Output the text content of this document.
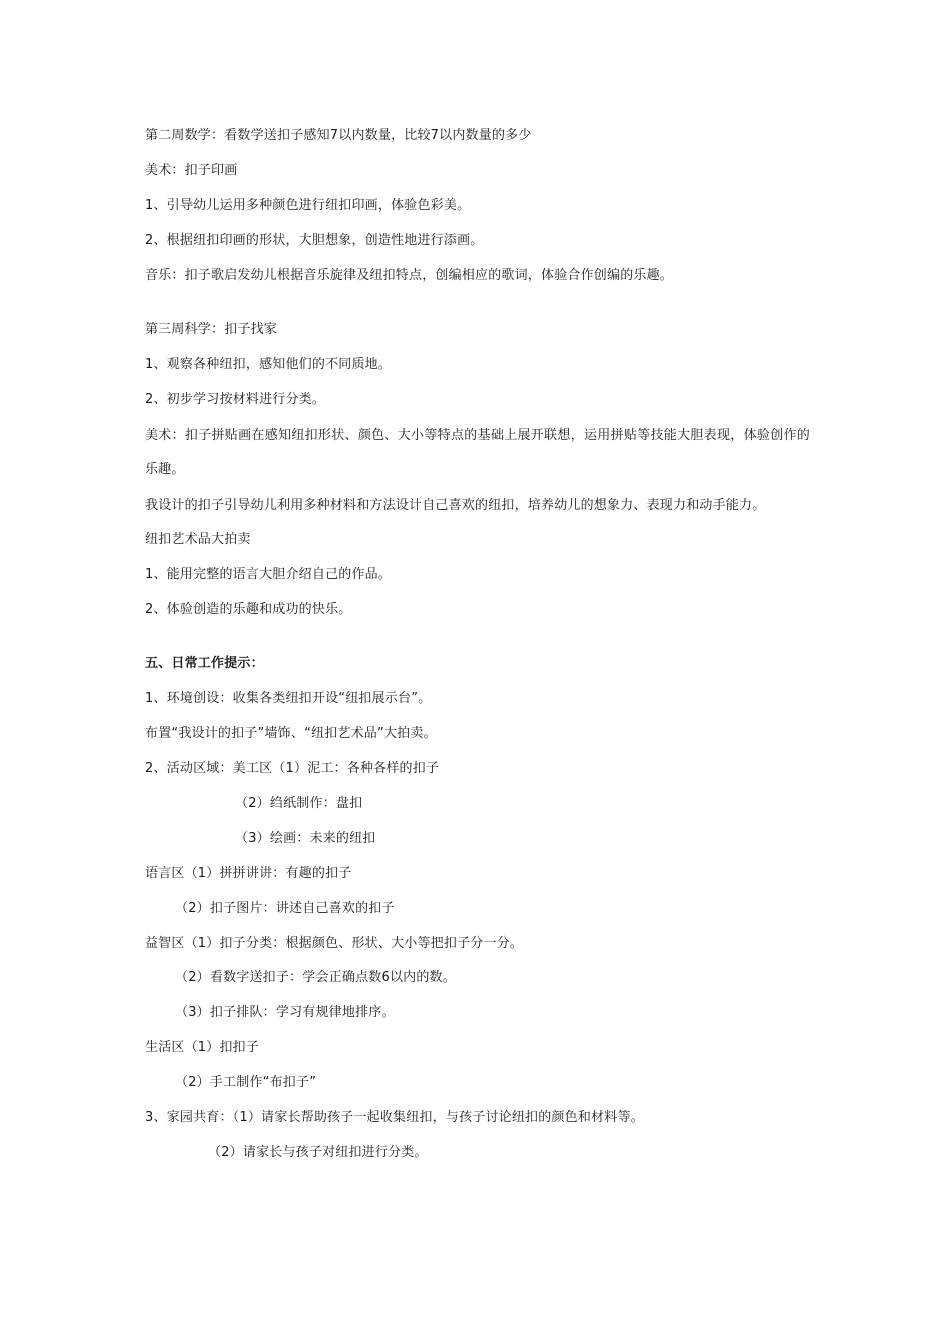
第二周数学：看数学送扣子感知7以内数量，比较7以内数量的多少
美术：扣子印画
1、引导幼儿运用多种颜色进行纽扣印画，体验色彩美。
2、根据纽扣印画的形状，大胆想象，创造性地进行添画。
音乐：扣子歌启发幼儿根据音乐旋律及纽扣特点，创编相应的歌词，体验合作创编的乐趣。
第三周科学：扣子找家
1、观察各种纽扣，感知他们的不同质地。
2、初步学习按材料进行分类。
美术：扣子拼贴画在感知纽扣形状、颜色、大小等特点的基础上展开联想，运用拼贴等技能大胆表现，体验创作的乐趣。
我设计的扣子引导幼儿利用多种材料和方法设计自己喜欢的纽扣，培养幼儿的想象力、表现力和动手能力。
纽扣艺术品大拍卖
1、能用完整的语言大胆介绍自己的作品。
2、体验创造的乐趣和成功的快乐。
五、日常工作提示：
1、环境创设：收集各类纽扣开设“纽扣展示台”。
布置“我设计的扣子”墙饰、“纽扣艺术品”大拍卖。
2、活动区域：美工区（1）泥工：各种各样的扣子
（2）绉纸制作：盘扣
（3）绘画：未来的纽扣
语言区（1）拼拼讲讲：有趣的扣子
（2）扣子图片：讲述自己喜欢的扣子
益智区（1）扣子分类：根据颜色、形状、大小等把扣子分一分。
（2）看数字送扣子：学会正确点数6以内的数。
（3）扣子排队：学习有规律地排序。
生活区（1）扣扣子
（2）手工制作“布扣子”
3、家园共育：（1）请家长帮助孩子一起收集纽扣，与孩子讨论纽扣的颜色和材料等。
（2）请家长与孩子对纽扣进行分类。
